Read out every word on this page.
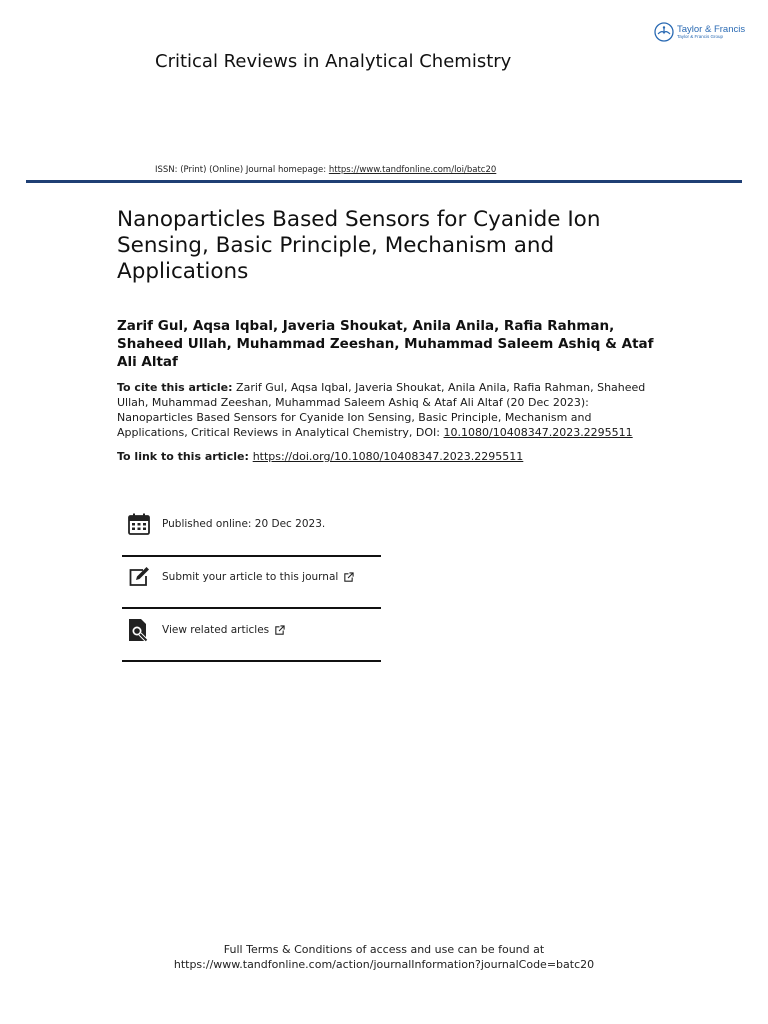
Taylor & Francis
Taylor & Francis Group
Critical Reviews in Analytical Chemistry
ISSN: (Print) (Online) Journal homepage: https://www.tandfonline.com/loi/batc20
Nanoparticles Based Sensors for Cyanide Ion Sensing, Basic Principle, Mechanism and Applications
Zarif Gul, Aqsa Iqbal, Javeria Shoukat, Anila Anila, Rafia Rahman, Shaheed Ullah, Muhammad Zeeshan, Muhammad Saleem Ashiq & Ataf Ali Altaf
To cite this article: Zarif Gul, Aqsa Iqbal, Javeria Shoukat, Anila Anila, Rafia Rahman, Shaheed Ullah, Muhammad Zeeshan, Muhammad Saleem Ashiq & Ataf Ali Altaf (20 Dec 2023): Nanoparticles Based Sensors for Cyanide Ion Sensing, Basic Principle, Mechanism and Applications, Critical Reviews in Analytical Chemistry, DOI: 10.1080/10408347.2023.2295511
To link to this article: https://doi.org/10.1080/10408347.2023.2295511
Published online: 20 Dec 2023.
Submit your article to this journal
View related articles
Full Terms & Conditions of access and use can be found at
https://www.tandfonline.com/action/journalInformation?journalCode=batc20
